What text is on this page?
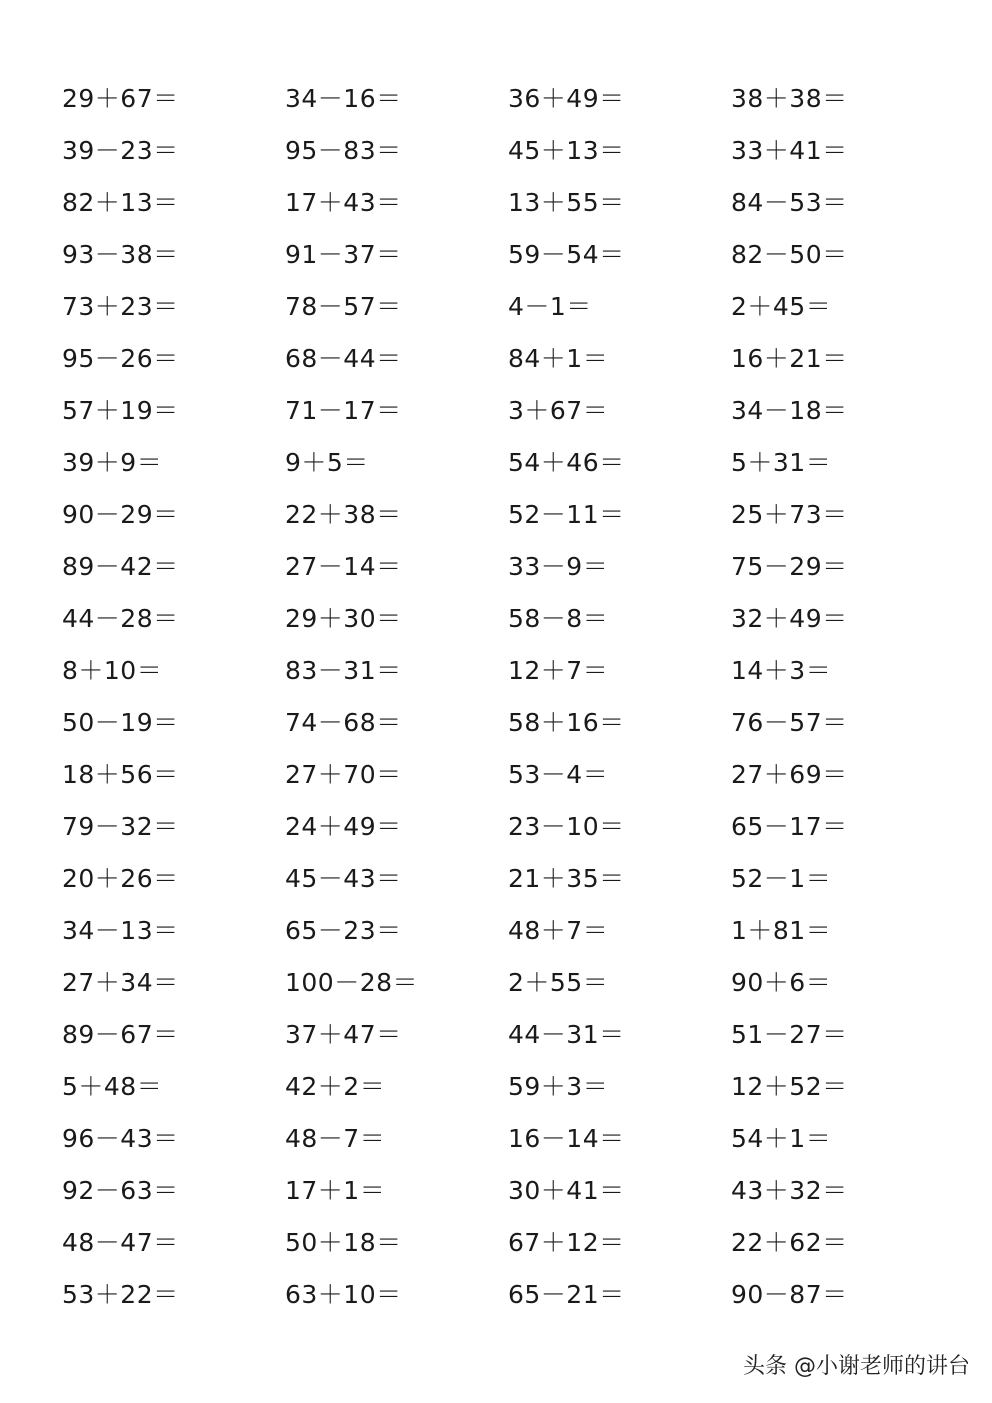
29＋67＝	34－16＝	36＋49＝	38＋38＝
39－23＝	95－83＝	45＋13＝	33＋41＝
82＋13＝	17＋43＝	13＋55＝	84－53＝
93－38＝	91－37＝	59－54＝	82－50＝
73＋23＝	78－57＝	4－1＝	2＋45＝
95－26＝	68－44＝	84＋1＝	16＋21＝
57＋19＝	71－17＝	3＋67＝	34－18＝
39＋9＝	9＋5＝	54＋46＝	5＋31＝
90－29＝	22＋38＝	52－11＝	25＋73＝
89－42＝	27－14＝	33－9＝	75－29＝
44－28＝	29＋30＝	58－8＝	32＋49＝
8＋10＝	83－31＝	12＋7＝	14＋3＝
50－19＝	74－68＝	58＋16＝	76－57＝
18＋56＝	27＋70＝	53－4＝	27＋69＝
79－32＝	24＋49＝	23－10＝	65－17＝
20＋26＝	45－43＝	21＋35＝	52－1＝
34－13＝	65－23＝	48＋7＝	1＋81＝
27＋34＝	100－28＝	2＋55＝	90＋6＝
89－67＝	37＋47＝	44－31＝	51－27＝
5＋48＝	42＋2＝	59＋3＝	12＋52＝
96－43＝	48－7＝	16－14＝	54＋1＝
92－63＝	17＋1＝	30＋41＝	43＋32＝
48－47＝	50＋18＝	67＋12＝	22＋62＝
53＋22＝	63＋10＝	65－21＝	90－87＝
头条 @小谢老师的讲台
